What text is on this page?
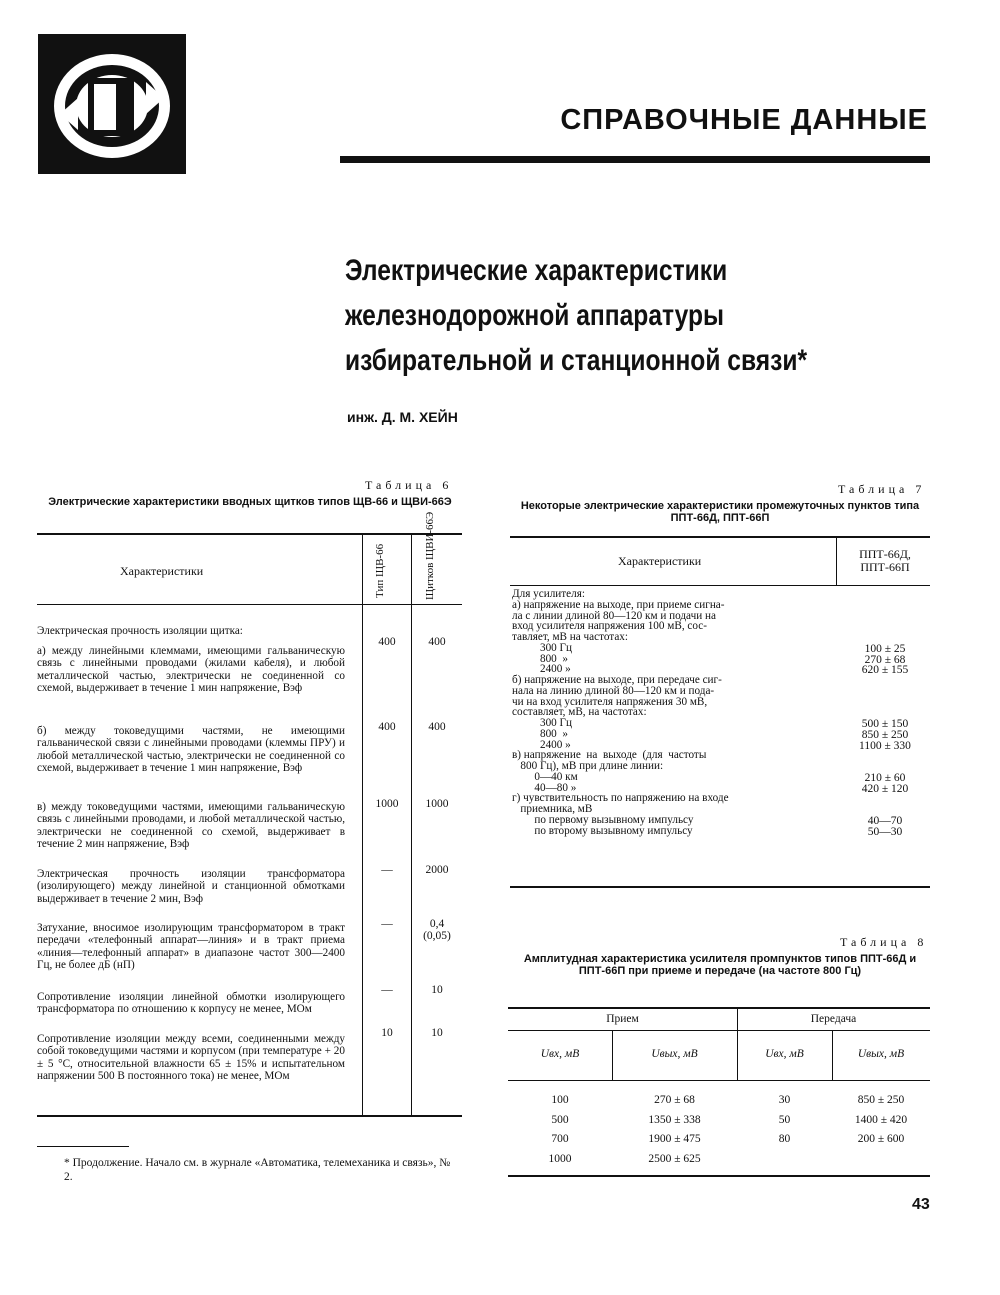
СПРАВОЧНЫЕ ДАННЫЕ
Электрические характеристики
железнодорожной аппаратуры
избирательной и станционной связи*
инж. Д. М. ХЕЙН
Таблица 6
Электрические характеристики вводных щитков типов ЩВ-66 и ЩВИ-66Э
Характеристики	Тип ЩВ-66	Щитков ЩВИ-66Э
Электрическая прочность изоляции щитка:
а) между линейными клеммами, имеющими гальваническую связь с линейными проводами (жилами кабеля), и любой металлической частью, электрически не соединенной со схемой, выдерживает в течение 1 мин напряжение, Вэф
400	400
б) между токоведущими частями, не имеющими гальванической связи с линейными проводами (клеммы ПРУ) и любой металлической частью, электрически не соединенной со схемой, выдерживает в течение 1 мин напряжение, Вэф
400	400
в) между токоведущими частями, имеющими гальваническую связь с линейными проводами, и любой металлической частью, электрически не соединенной со схемой, выдерживает в течение 2 мин напряжение, Вэф
1000	1000
Электрическая прочность изоляции трансформатора (изолирующего) между линейной и станционной обмотками выдерживает в течение 2 мин, Вэф
—	2000
Затухание, вносимое изолирующим трансформатором в тракт передачи «телефонный аппарат—линия» и в тракт приема «линия—телефонный аппарат» в диапазоне частот 300—2400 Гц, не более дБ (нП)
—	0,4
(0,05)
Сопротивление изоляции линейной обмотки изолирующего трансформатора по отношению к корпусу не менее, МОм
—	10
Сопротивление изоляции между всеми, соединенными между собой токоведущими частями и корпусом (при температуре + 20 ± 5 °С, относительной влажности 65 ± 15% и испытательном напряжении 500 В постоянного тока) не менее, МОм
10	10
* Продолжение. Начало см. в журнале «Автоматика, телемеханика и связь», № 2.
Таблица 7
Некоторые электрические характеристики промежуточных пунктов типа ППТ-66Д, ППТ-66П
Характеристики	ППТ-66Д, ППТ-66П
Для усилителя:
а) напряжение на выходе, при приеме сигна-
ла с линии длиной 80—120 км и подачи на
вход усилителя напряжения 100 мВ, сос-
тавляет, мВ на частотах:
300 Гц	100 ± 25
800  »	270 ± 68
2400 »	620 ± 155
б) напряжение на выходе, при передаче сиг-
нала на линию длиной 80—120 км и пода-
чи на вход усилителя напряжения 30 мВ,
составляет, мВ, на частотах:
300 Гц	500 ± 150
800  »	850 ± 250
2400 »	1100 ± 330
в) напряжение  на  выходе  (для  частоты
800 Гц), мВ при длине линии:
0—40 км	210 ± 60
40—80 »	420 ± 120
г) чувствительность по напряжению на входе
приемника, мВ
по первому вызывному импульсу	40—70
по второму вызывному импульсу	50—30
Таблица 8
Амплитудная характеристика усилителя промпунктов типов ППТ-66Д и ППТ-66П при приеме и передаче (на частоте 800 Гц)
Прием	Передача
Uвх, мВ	Uвых, мВ	Uвх, мВ	Uвых, мВ
100	270 ± 68	30	850 ± 250
500	1350 ± 338	50	1400 ± 420
700	1900 ± 475	80	200 ± 600
1000	2500 ± 625
43
